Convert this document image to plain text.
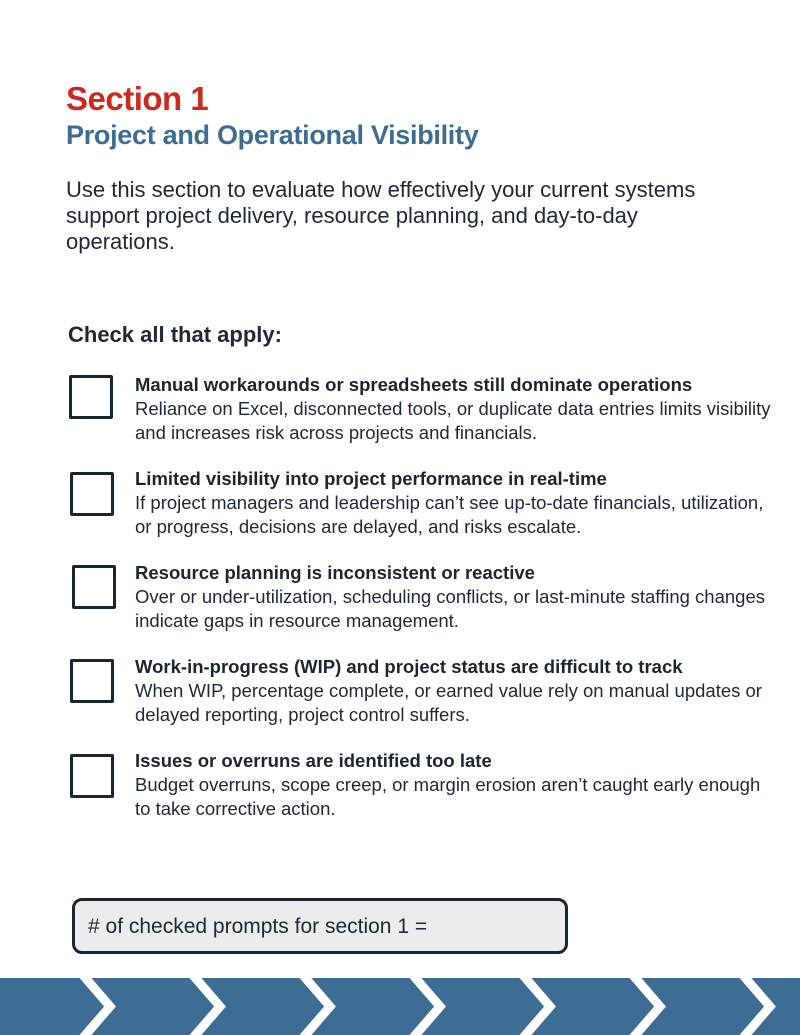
Section 1
Project and Operational Visibility
Use this section to evaluate how effectively your current systems support project delivery, resource planning, and day-to-day operations.
Check all that apply:
Manual workarounds or spreadsheets still dominate operations
Reliance on Excel, disconnected tools, or duplicate data entries limits visibility and increases risk across projects and financials.
Limited visibility into project performance in real-time
If project managers and leadership can’t see up-to-date financials, utilization, or progress, decisions are delayed, and risks escalate.
Resource planning is inconsistent or reactive
Over or under-utilization, scheduling conflicts, or last-minute staffing changes indicate gaps in resource management.
Work-in-progress (WIP) and project status are difficult to track
When WIP, percentage complete, or earned value rely on manual updates or delayed reporting, project control suffers.
Issues or overruns are identified too late
Budget overruns, scope creep, or margin erosion aren’t caught early enough to take corrective action.
# of checked prompts for section 1 =
